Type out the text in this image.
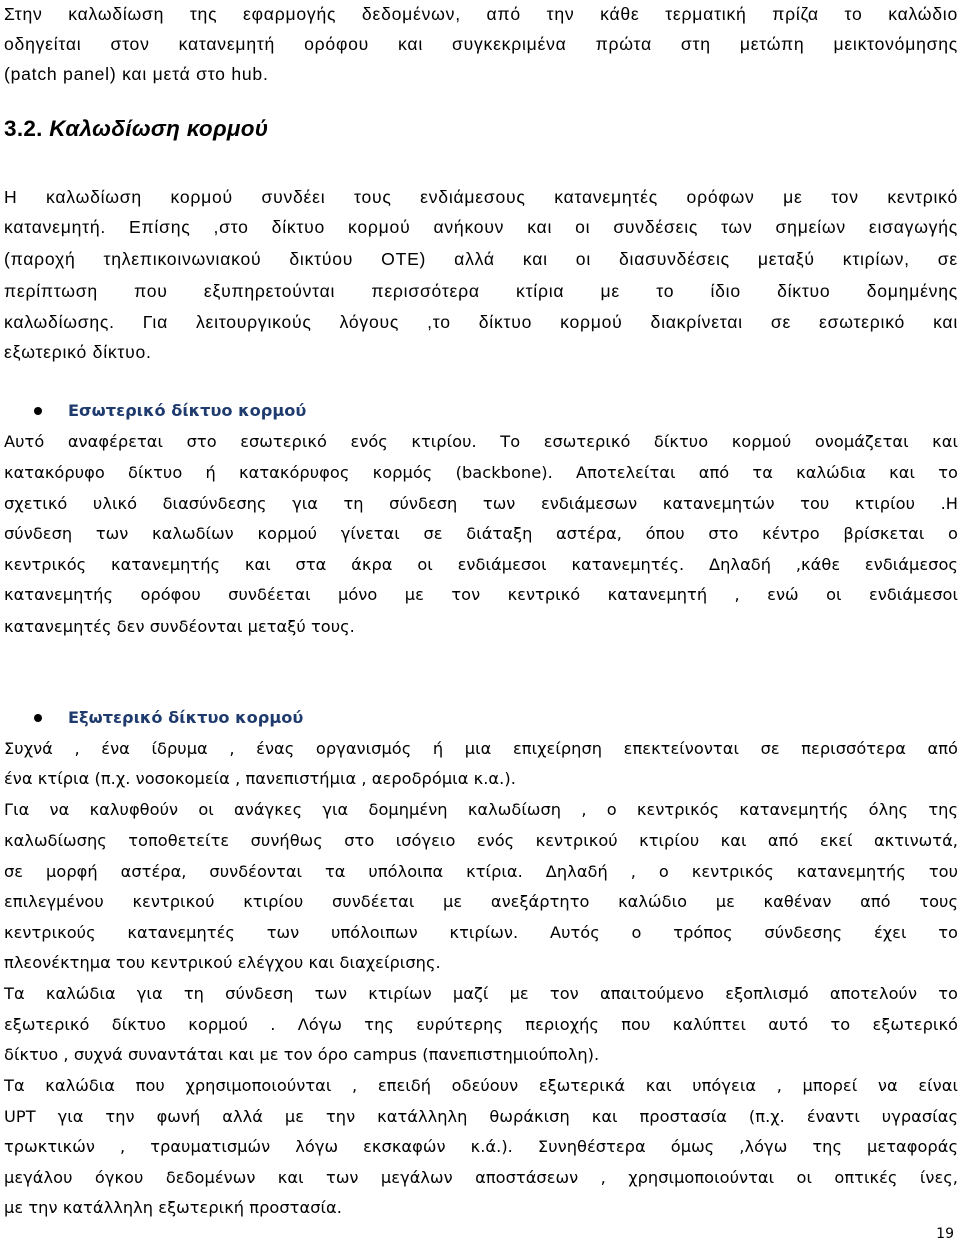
Στην καλωδίωση της εφαρμογής δεδομένων, από την κάθε τερματική πρίζα το καλώδιο
οδηγείται στον κατανεμητή ορόφου και συγκεκριμένα πρώτα στη μετώπη μεικτονόμησης
(patch panel) και μετά στο hub.
3.2. Καλωδίωση κορμού
Η καλωδίωση κορμού συνδέει τους ενδιάμεσους κατανεμητές ορόφων με τον κεντρικό
κατανεμητή. Επίσης ,στο δίκτυο κορμού ανήκουν και οι συνδέσεις των σημείων εισαγωγής
(παροχή τηλεπικοινωνιακού δικτύου ΟΤΕ) αλλά και οι διασυνδέσεις μεταξύ κτιρίων, σε
περίπτωση που εξυπηρετούνται περισσότερα κτίρια με το ίδιο δίκτυο δομημένης
καλωδίωσης. Για λειτουργικούς λόγους ,το δίκτυο κορμού διακρίνεται σε εσωτερικό και
εξωτερικό δίκτυο.
Εσωτερικό δίκτυο κορμού
Αυτό αναφέρεται στο εσωτερικό ενός κτιρίου. Το εσωτερικό δίκτυο κορμού ονομάζεται και
κατακόρυφο δίκτυο ή κατακόρυφος κορμός (backbone). Αποτελείται από τα καλώδια και το
σχετικό υλικό διασύνδεσης για τη σύνδεση των ενδιάμεσων κατανεμητών του κτιρίου .Η
σύνδεση των καλωδίων κορμού γίνεται σε διάταξη αστέρα, όπου στο κέντρο βρίσκεται ο
κεντρικός κατανεμητής και στα άκρα οι ενδιάμεσοι κατανεμητές. Δηλαδή ,κάθε ενδιάμεσος
κατανεμητής ορόφου συνδέεται μόνο με τον κεντρικό κατανεμητή , ενώ οι ενδιάμεσοι
κατανεμητές δεν συνδέονται μεταξύ τους.
Εξωτερικό δίκτυο κορμού
Συχνά , ένα ίδρυμα , ένας οργανισμός ή μια επιχείρηση επεκτείνονται σε περισσότερα από
ένα κτίρια (π.χ. νοσοκομεία , πανεπιστήμια , αεροδρόμια κ.α.).
Για να καλυφθούν οι ανάγκες για δομημένη καλωδίωση , ο κεντρικός κατανεμητής όλης της
καλωδίωσης τοποθετείτε συνήθως στο ισόγειο ενός κεντρικού κτιρίου και από εκεί ακτινωτά,
σε μορφή αστέρα, συνδέονται τα υπόλοιπα κτίρια. Δηλαδή , ο κεντρικός κατανεμητής του
επιλεγμένου κεντρικού κτιρίου συνδέεται με ανεξάρτητο καλώδιο με καθέναν από τους
κεντρικούς κατανεμητές των υπόλοιπων κτιρίων. Αυτός ο τρόπος σύνδεσης έχει το
πλεονέκτημα του κεντρικού ελέγχου και διαχείρισης.
Τα καλώδια για τη σύνδεση των κτιρίων μαζί με τον απαιτούμενο εξοπλισμό αποτελούν το
εξωτερικό δίκτυο κορμού . Λόγω της ευρύτερης περιοχής που καλύπτει αυτό το εξωτερικό
δίκτυο , συχνά συναντάται και με τον όρο campus (πανεπιστημιούπολη).
Τα καλώδια που χρησιμοποιούνται , επειδή οδεύουν εξωτερικά και υπόγεια , μπορεί να είναι
UPT για την φωνή αλλά με την κατάλληλη θωράκιση και προστασία (π.χ. έναντι υγρασίας
τρωκτικών , τραυματισμών λόγω εκσκαφών κ.ά.). Συνηθέστερα όμως ,λόγω της μεταφοράς
μεγάλου όγκου δεδομένων και των μεγάλων αποστάσεων , χρησιμοποιούνται οι οπτικές ίνες,
με την κατάλληλη εξωτερική προστασία.
19
